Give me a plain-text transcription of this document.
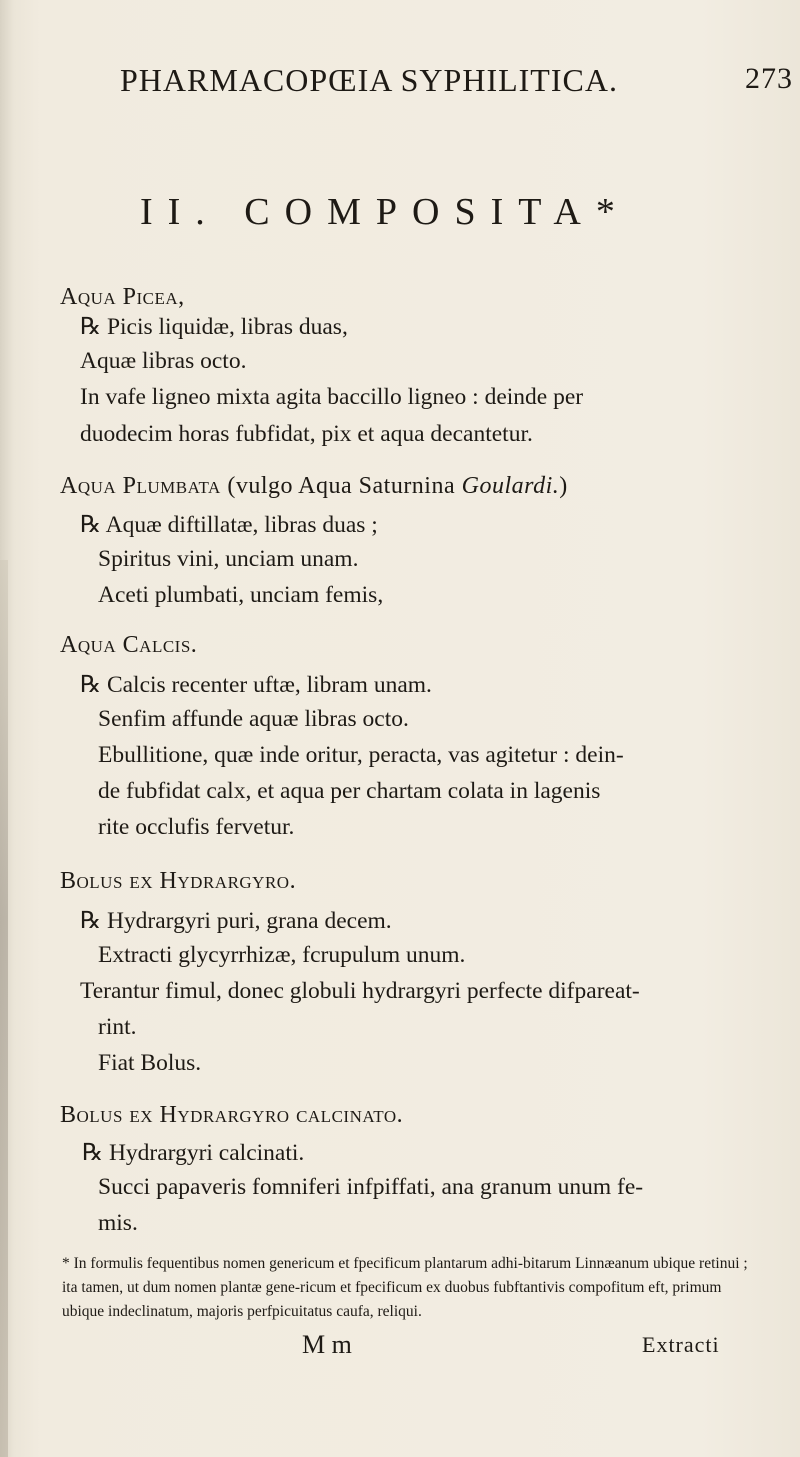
PHARMACOPŒIA SYPHILITICA.	273
II. COMPOSITA*
Aqua Picea,
℞ Picis liquidæ, libras duas,
Aquæ libras octo.
In vafe ligneo mixta agita baccillo ligneo : deinde per
duodecim horas fubfidat, pix et aqua decantetur.
Aqua Plumbata (vulgo Aqua Saturnina Goulardi.)
℞ Aquæ diftillatæ, libras duas ;
Spiritus vini, unciam unam.
Aceti plumbati, unciam femis,
Aqua Calcis.
℞ Calcis recenter uftæ, libram unam.
Senfim affunde aquæ libras octo.
Ebullitione, quæ inde oritur, peracta, vas agitetur : dein-
de fubfidat calx, et aqua per chartam colata in lagenis
rite occlufis fervetur.
Bolus ex Hydrargyro.
℞ Hydrargyri puri, grana decem.
Extracti glycyrrhizæ, fcrupulum unum.
Terantur fimul, donec globuli hydrargyri perfecte difpareat-
rint.
Fiat Bolus.
Bolus ex Hydrargyro calcinato.
℞ Hydrargyri calcinati.
Succi papaveris fomniferi infpiffati, ana granum unum fe-
mis.
* In formulis fequentibus nomen genericum et fpecificum plantarum adhi-bitarum Linnæanum ubique retinui ; ita tamen, ut dum nomen plantæ gene-ricum et fpecificum ex duobus fubftantivis compofitum eft, primum ubique indeclinatum, majoris perfpicuitatus caufa, reliqui.
M m	Extracti
